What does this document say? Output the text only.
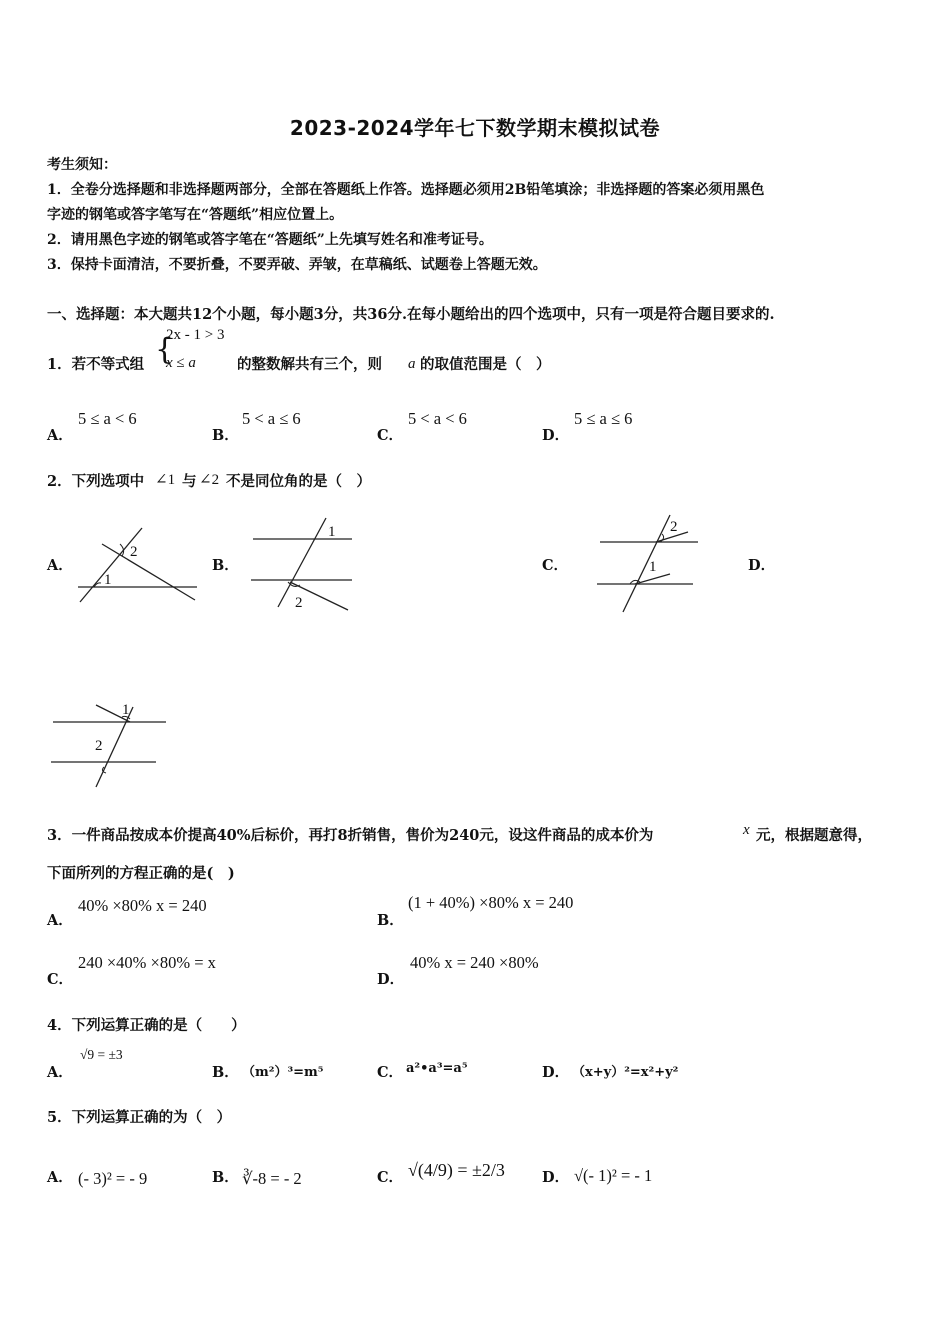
2023-2024学年七下数学期末模拟试卷
考生须知：
1．全卷分选择题和非选择题两部分，全部在答题纸上作答。选择题必须用2B铅笔填涂；非选择题的答案必须用黑色
字迹的钢笔或答字笔写在“答题纸”相应位置上。
2．请用黑色字迹的钢笔或答字笔在“答题纸”上先填写姓名和准考证号。
3．保持卡面清洁，不要折叠，不要弄破、弄皱，在草稿纸、试题卷上答题无效。
一、选择题：本大题共12个小题，每小题3分，共36分.在每小题给出的四个选项中，只有一项是符合题目要求的.
1．若不等式组 {
2x - 1 > 3
x ≤ a	的整数解共有三个，则 a 的取值范围是（　）
A．
5 ≤ a < 6
B．
5 < a ≤ 6
C．
5 < a < 6
D．
5 ≤ a ≤ 6
2．下列选项中 ∠1 与 ∠2 不是同位角的是（　）
A．
2
1
B．
1
2
C．
2
1	D．
1
2
3．一件商品按成本价提高40%后标价，再打8折销售，售价为240元，设这件商品的成本价为	x 元，根据题意得，
下面所列的方程正确的是(　)
A．
40% ×80% x = 240
B．
(1 + 40%) ×80% x = 240
C．
240 ×40% ×80% = x
D．
40% x = 240 ×80%
4．下列运算正确的是（　　）
A．
√9 = ±3
B． （m²）³=m⁵	C． a²•a³=a⁵	D． （x+y）²=x²+y²
5．下列运算正确的为（　）
A． (- 3)² = - 9	B． ∛-8 = - 2	C． √(4/9) = ±2/3	D． √(- 1)² = - 1
